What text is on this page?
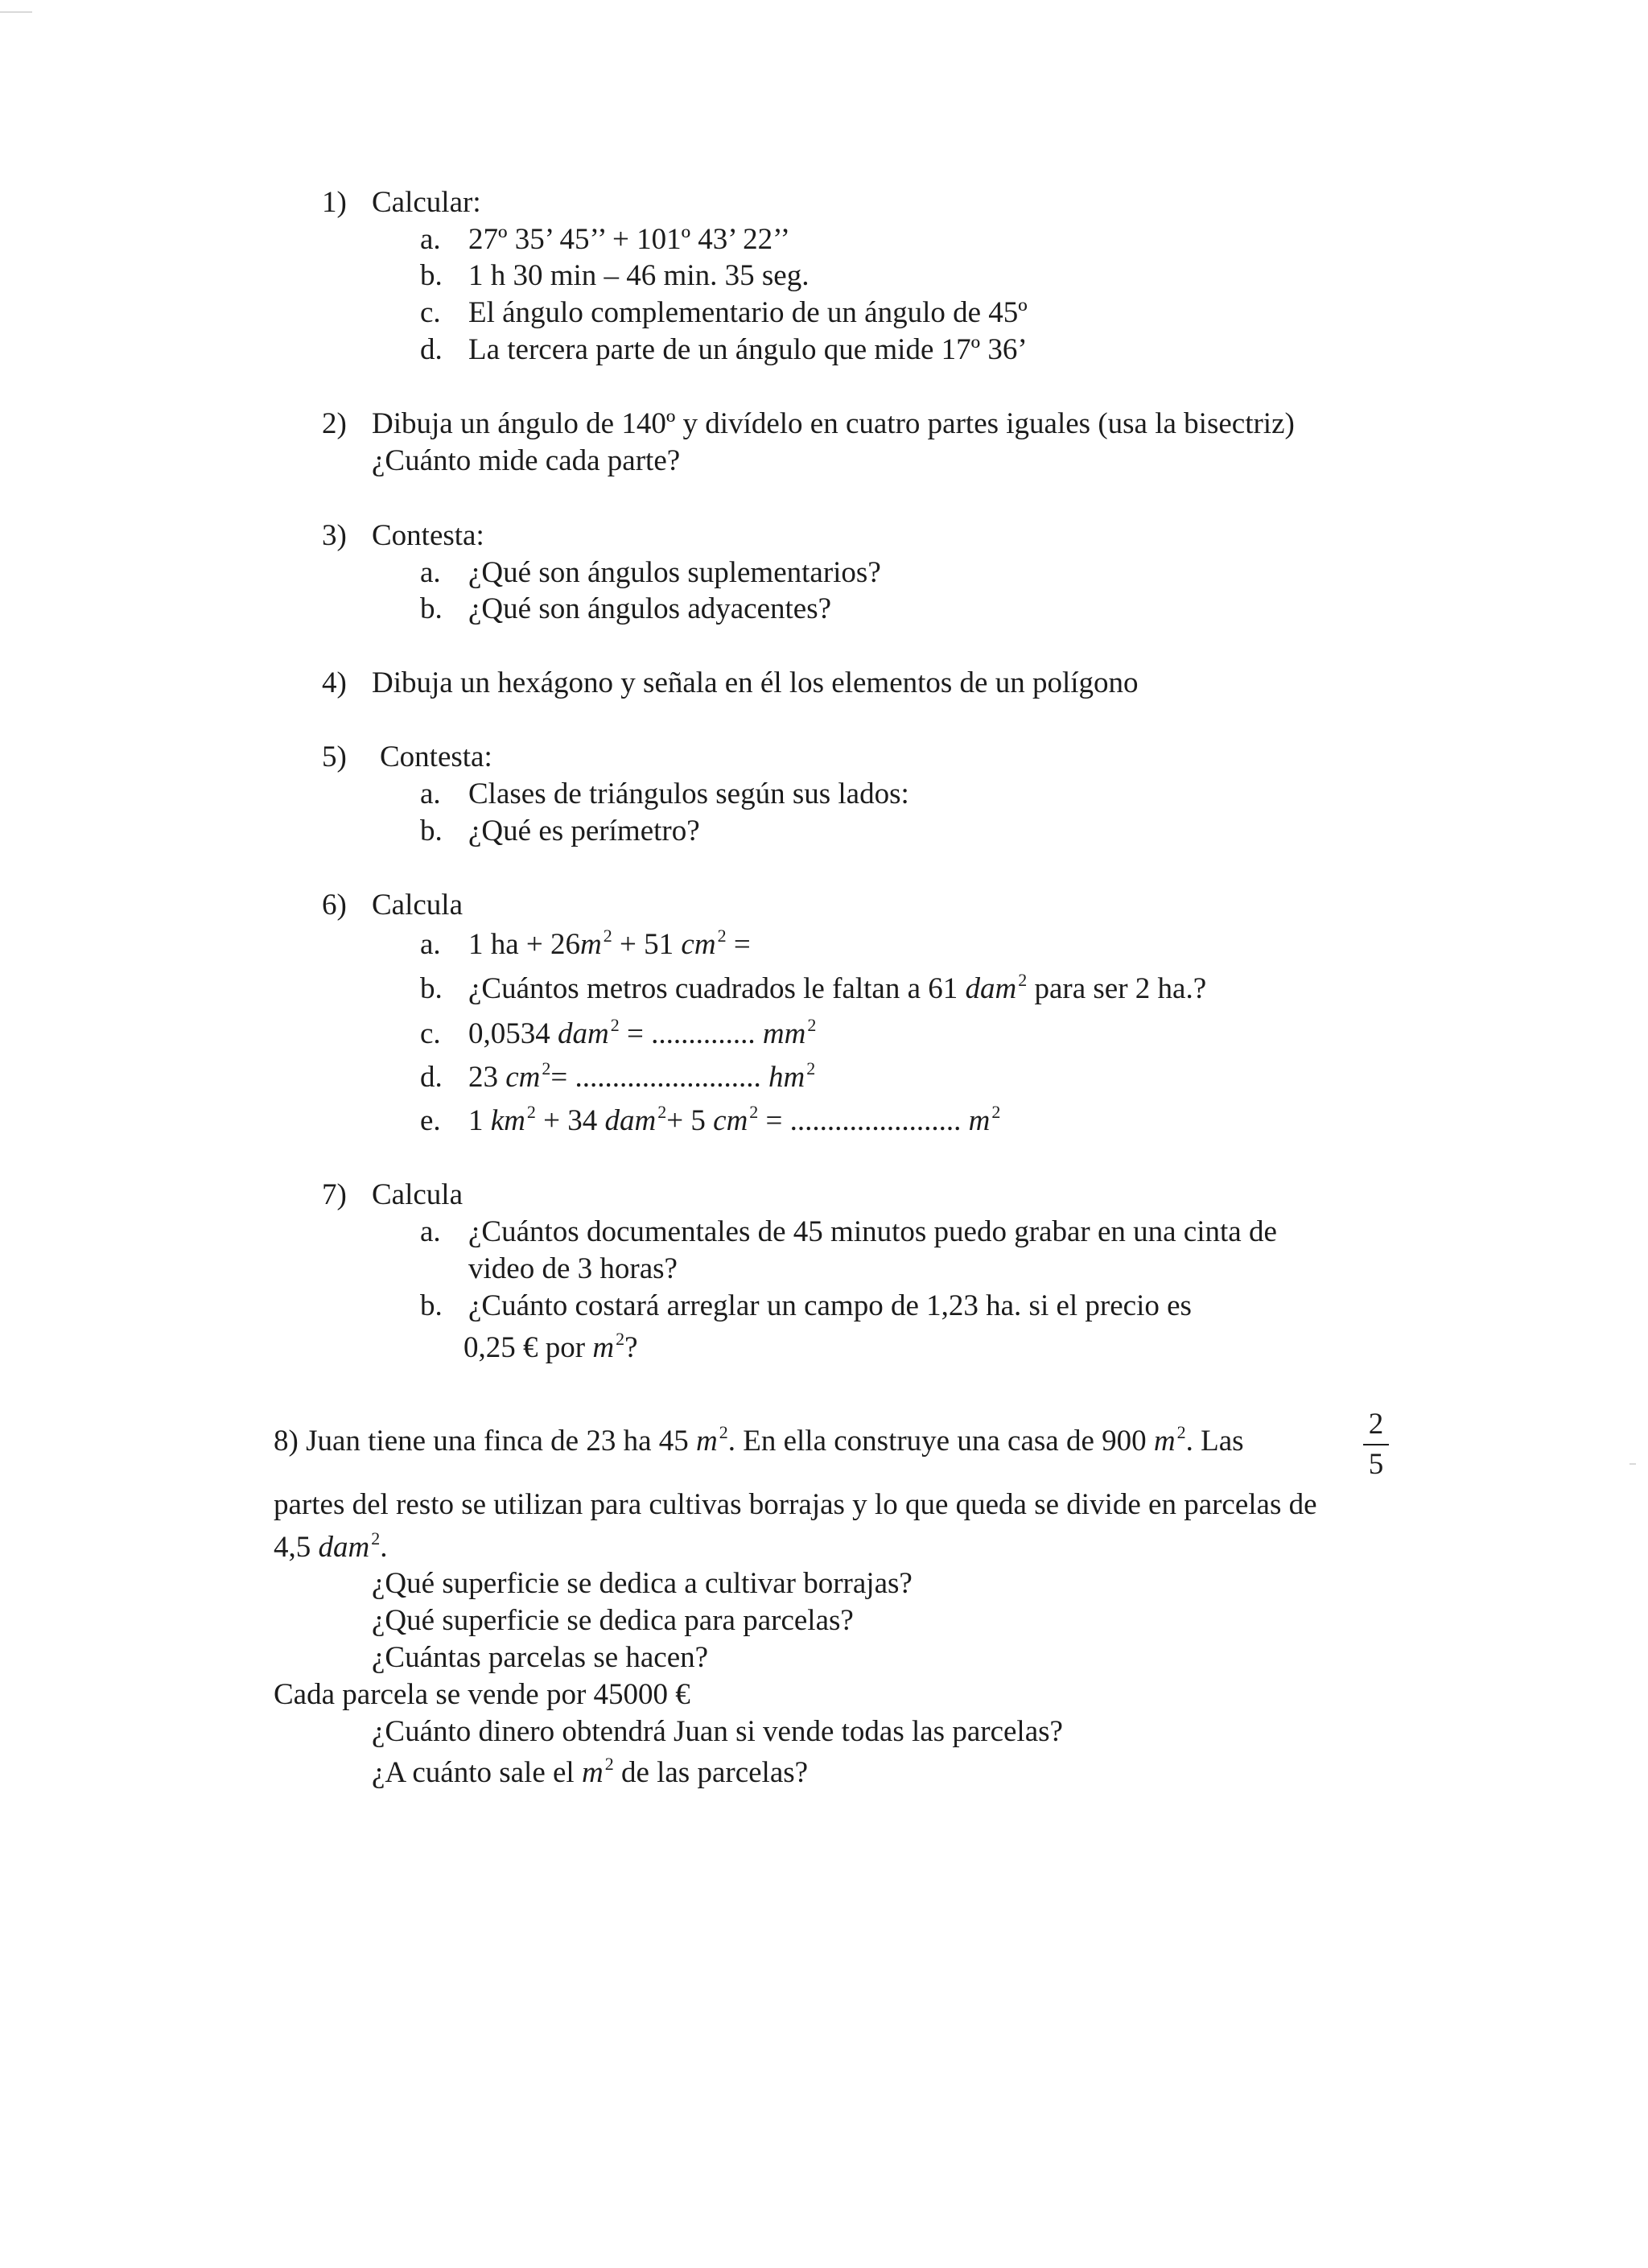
1) Calcular:
a. 27º 35’ 45’’ + 101º 43’ 22’’
b. 1 h 30 min – 46 min. 35 seg.
c. El ángulo complementario de un ángulo de 45º
d. La tercera parte de un ángulo que mide 17º 36’
2) Dibuja un ángulo de 140º y divídelo en cuatro partes iguales (usa la bisectriz)
¿Cuánto mide cada parte?
3) Contesta:
a. ¿Qué son ángulos suplementarios?
b. ¿Qué son ángulos adyacentes?
4) Dibuja un hexágono y señala en él los elementos de un polígono
5) Contesta:
a. Clases de triángulos según sus lados:
b. ¿Qué es perímetro?
6) Calcula
a. 1 ha + $26m^2 + 51$ $cm^2$ =
b. ¿Cuántos metros cuadrados le faltan a 61 dam$^2$ para ser 2 ha.?
c. 0,0534 dam$^2$ = .............. $mm^2$
d. 23 $cm^2=$ ......................... $hm^2$
e. 1 $km^2 + 34$ dam$^2$+ 5 $cm^2$ = ....................... $m^2$
7) Calcula
a. ¿Cuántos documentales de 45 minutos puedo grabar en una cinta de
video de 3 horas?
b. ¿Cuánto costará arreglar un campo de 1,23 ha. si el precio es
0,25 € por $m^2$?
8) Juan tiene una finca de 23 ha 45 $m^2$. En ella construye una casa de 900 $m^2$. Las
2
5
partes del resto se utilizan para cultivas borrajas y lo que queda se divide en parcelas de
4,5 dam$^2$.
¿Qué superficie se dedica a cultivar borrajas?
¿Qué superficie se dedica para parcelas?
¿Cuántas parcelas se hacen?
Cada parcela se vende por 45000 €
¿Cuánto dinero obtendrá Juan si vende todas las parcelas?
¿A cuánto sale el $m^2$ de las parcelas?
